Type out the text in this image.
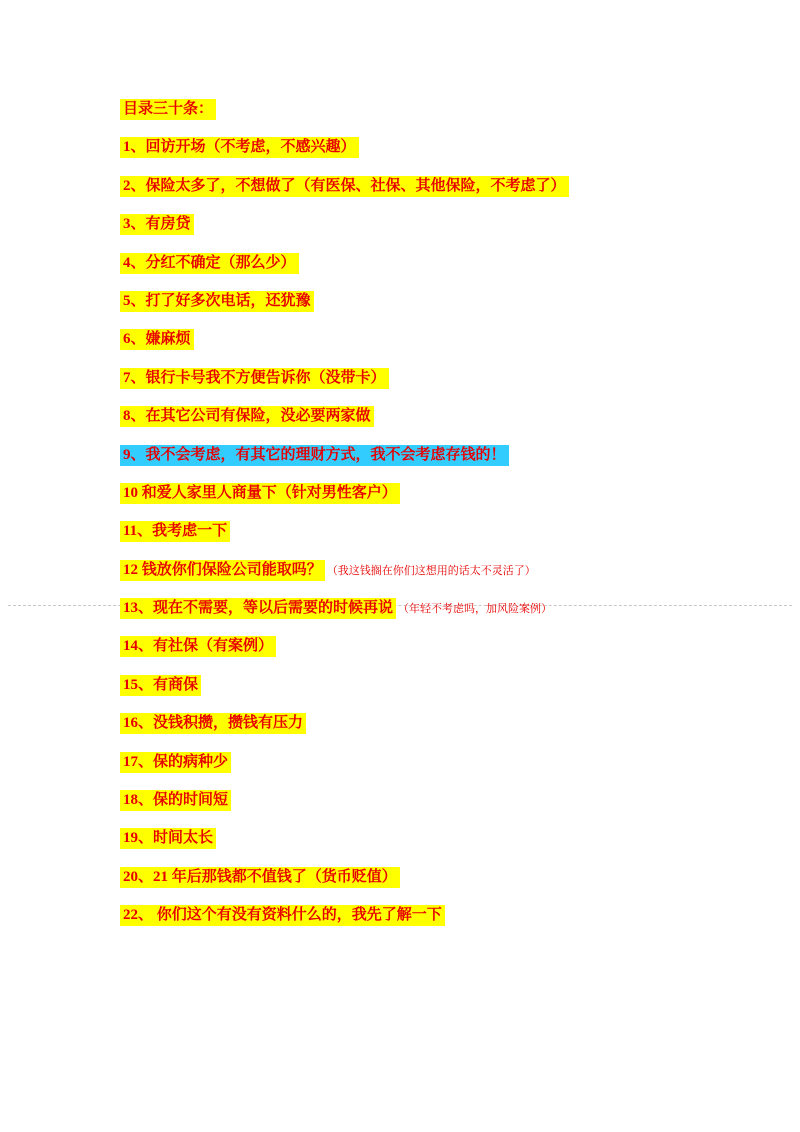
目录三十条：

1、回访开场（不考虑，不感兴趣）

2、保险太多了，不想做了（有医保、社保、其他保险，不考虑了）

3、有房贷

4、分红不确定（那么少）

5、打了好多次电话，还犹豫

6、嫌麻烦

7、银行卡号我不方便告诉你（没带卡）

8、在其它公司有保险，没必要两家做

9、我不会考虑，有其它的理财方式，我不会考虑存钱的！

10 和爱人家里人商量下（针对男性客户）

11、我考虑一下

12 钱放你们保险公司能取吗？ （我这钱搁在你们这想用的话太不灵活了）

13、现在不需要，等以后需要的时候再说 （年轻不考虑吗，加风险案例）

14、有社保（有案例）

15、有商保

16、没钱积攒，攒钱有压力

17、保的病种少

18、保的时间短

19、时间太长

20、21 年后那钱都不值钱了（货币贬值）

22、 你们这个有没有资料什么的，我先了解一下
